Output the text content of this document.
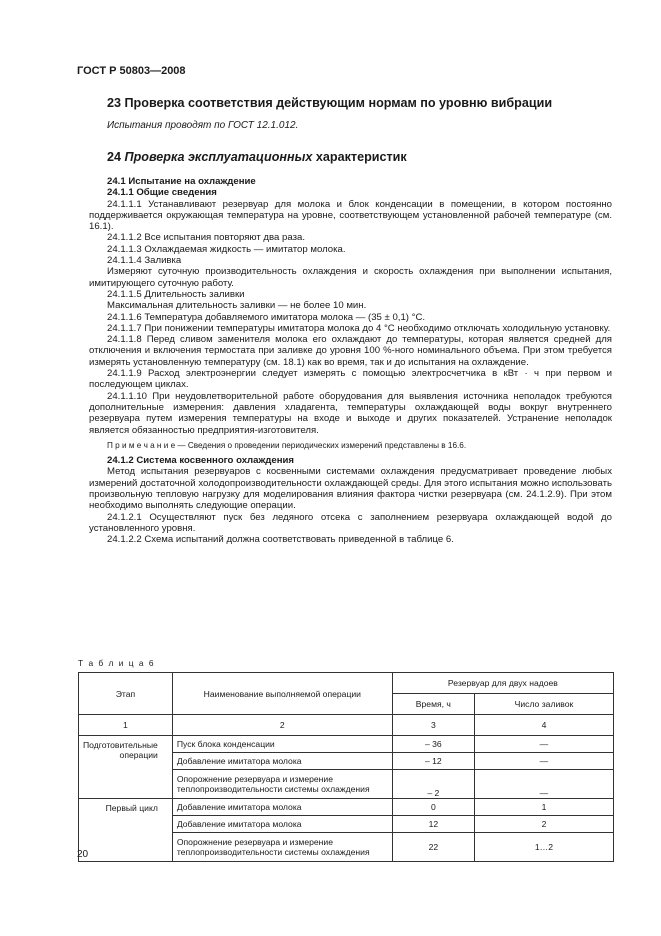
ГОСТ Р 50803—2008
23 Проверка соответствия действующим нормам по уровню вибрации
Испытания проводят по ГОСТ 12.1.012.
24 Проверка эксплуатационных характеристик

24.1 Испытание на охлаждение

24.1.1 Общие сведения

24.1.1.1 Устанавливают резервуар для молока и блок конденсации в помещении, в котором постоянно поддерживается окружающая температура на уровне, соответствующем установленной рабочей температуре (см. 16.1).

24.1.1.2 Все испытания повторяют два раза.

24.1.1.3 Охлаждаемая жидкость — имитатор молока.

24.1.1.4 Заливка

Измеряют суточную производительность охлаждения и скорость охлаждения при выполнении испытания, имитирующего суточную работу.

24.1.1.5 Длительность заливки

Максимальная длительность заливки — не более 10 мин.

24.1.1.6 Температура добавляемого имитатора молока — (35 ± 0,1) °С.

24.1.1.7 При понижении температуры имитатора молока до 4 °С необходимо отключать холодильную установку.

24.1.1.8 Перед сливом заменителя молока его охлаждают до температуры, которая является средней для отключения и включения термостата при заливке до уровня 100 %-ного номинального объема. При этом требуется измерять установленную температуру (см. 18.1) как во время, так и до испытания на охлаждение.

24.1.1.9 Расход электроэнергии следует измерять с помощью электросчетчика в кВт · ч при первом и последующем циклах.

24.1.1.10 При неудовлетворительной работе оборудования для выявления источника неполадок требуются дополнительные измерения: давления хладагента, температуры охлаждающей воды вокруг внутреннего резервуара путем измерения температуры на входе и выходе и других показателей. Устранение неполадок является обязанностью предприятия-изготовителя.

П р и м е ч а н и е — Сведения о проведении периодических измерений представлены в 16.6.

24.1.2 Система косвенного охлаждения

Метод испытания резервуаров с косвенными системами охлаждения предусматривает проведение любых измерений достаточной холодопроизводительности охлаждающей среды. Для этого испытания можно использовать произвольную тепловую нагрузку для моделирования влияния фактора чистки резервуара (см. 24.1.2.9). При этом необходимо выполнять следующие операции.

24.1.2.1 Осуществляют пуск без ледяного отсека с заполнением резервуара охлаждающей водой до установленного уровня.

24.1.2.2 Схема испытаний должна соответствовать приведенной в таблице 6.

Т а б л и ц а 6
Этап	Наименование выполняемой операции	Резервуар для двух надоев	
		Время, ч	Число заливок
1	2	3	4
Подготовительные операции	Пуск блока конденсации	– 36	—
	Добавление имитатора молока	– 12	—
	Опорожнение резервуара и измерение теплопроизводительности системы охлаждения	– 2	—
Первый цикл	Добавление имитатора молока	0	1
	Добавление имитатора молока	12	2
	Опорожнение резервуара и измерение теплопроизводительности системы охлаждения	22	1…2
20
